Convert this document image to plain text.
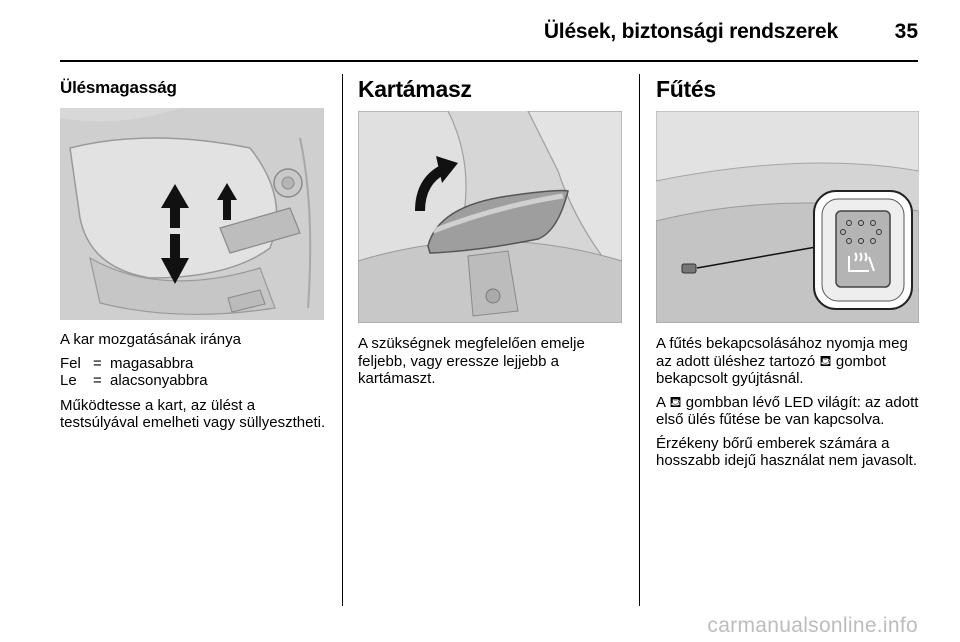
Ülések, biztonsági rendszerek	35
Ülésmagasság

A kar mozgatásának iránya

Fel	=	magasabbra
Le	=	alacsonyabbra

Működtesse a kart, az ülést a testsúlyával emelheti vagy süllyesztheti.

Kartámasz

A szükségnek megfelelően emelje feljebb, vagy eressze lejjebb a kartámaszt.

Fűtés

A fűtés bekapcsolásához nyomja meg az adott üléshez tartozó ⛾ gombot bekapcsolt gyújtásnál.

A ⛾ gombban lévő LED világít: az adott első ülés fűtése be van kapcsolva.

Érzékeny bőrű emberek számára a hosszabb idejű használat nem javasolt.

carmanualsonline.info
